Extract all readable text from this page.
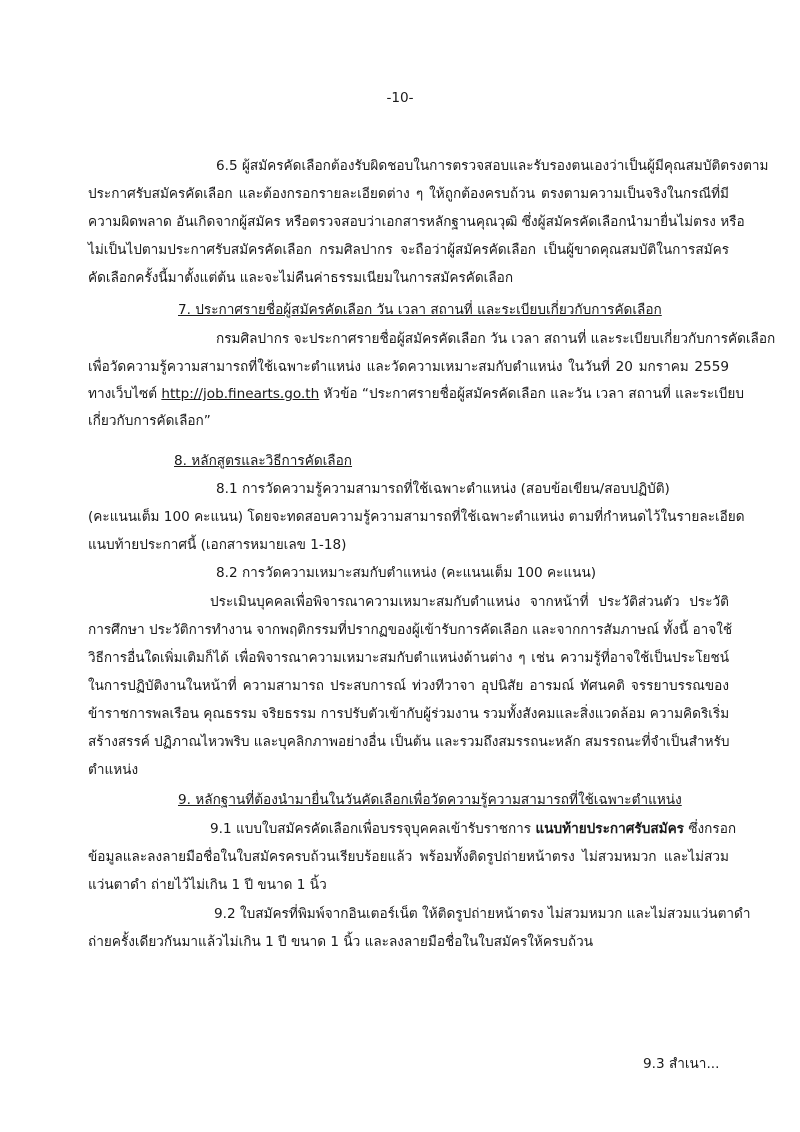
-10-
6.5 ผู้สมัครคัดเลือกต้องรับผิดชอบในการตรวจสอบและรับรองตนเองว่าเป็นผู้มีคุณสมบัติตรงตาม
ประกาศรับสมัครคัดเลือก และต้องกรอกรายละเอียดต่าง ๆ ให้ถูกต้องครบถ้วน ตรงตามความเป็นจริงในกรณีที่มี
ความผิดพลาด อันเกิดจากผู้สมัคร หรือตรวจสอบว่าเอกสารหลักฐานคุณวุฒิ ซึ่งผู้สมัครคัดเลือกนำมายื่นไม่ตรง หรือ
ไม่เป็นไปตามประกาศรับสมัครคัดเลือก กรมศิลปากร จะถือว่าผู้สมัครคัดเลือก เป็นผู้ขาดคุณสมบัติในการสมัคร
คัดเลือกครั้งนี้มาตั้งแต่ต้น และจะไม่คืนค่าธรรมเนียมในการสมัครคัดเลือก
7. ประกาศรายชื่อผู้สมัครคัดเลือก วัน เวลา สถานที่ และระเบียบเกี่ยวกับการคัดเลือก
กรมศิลปากร จะประกาศรายชื่อผู้สมัครคัดเลือก วัน เวลา สถานที่ และระเบียบเกี่ยวกับการคัดเลือก
เพื่อวัดความรู้ความสามารถที่ใช้เฉพาะตำแหน่ง และวัดความเหมาะสมกับตำแหน่ง ในวันที่ 20 มกราคม 2559
ทางเว็บไซต์ http://job.finearts.go.th หัวข้อ “ประกาศรายชื่อผู้สมัครคัดเลือก และวัน เวลา สถานที่ และระเบียบ
เกี่ยวกับการคัดเลือก”
8. หลักสูตรและวิธีการคัดเลือก
8.1 การวัดความรู้ความสามารถที่ใช้เฉพาะตำแหน่ง (สอบข้อเขียน/สอบปฏิบัติ)
(คะแนนเต็ม 100 คะแนน) โดยจะทดสอบความรู้ความสามารถที่ใช้เฉพาะตำแหน่ง ตามที่กำหนดไว้ในรายละเอียด
แนบท้ายประกาศนี้ (เอกสารหมายเลข 1-18)
8.2 การวัดความเหมาะสมกับตำแหน่ง (คะแนนเต็ม 100 คะแนน)
ประเมินบุคคลเพื่อพิจารณาความเหมาะสมกับตำแหน่ง จากหน้าที่ ประวัติส่วนตัว ประวัติ
การศึกษา ประวัติการทำงาน จากพฤติกรรมที่ปรากฏของผู้เข้ารับการคัดเลือก และจากการสัมภาษณ์ ทั้งนี้ อาจใช้
วิธีการอื่นใดเพิ่มเติมก็ได้ เพื่อพิจารณาความเหมาะสมกับตำแหน่งด้านต่าง ๆ เช่น ความรู้ที่อาจใช้เป็นประโยชน์
ในการปฏิบัติงานในหน้าที่ ความสามารถ ประสบการณ์ ท่วงทีวาจา อุปนิสัย อารมณ์ ทัศนคติ จรรยาบรรณของ
ข้าราชการพลเรือน คุณธรรม จริยธรรม การปรับตัวเข้ากับผู้ร่วมงาน รวมทั้งสังคมและสิ่งแวดล้อม ความคิดริเริ่ม
สร้างสรรค์ ปฏิภาณไหวพริบ และบุคลิกภาพอย่างอื่น เป็นต้น และรวมถึงสมรรถนะหลัก สมรรถนะที่จำเป็นสำหรับ
ตำแหน่ง
9. หลักฐานที่ต้องนำมายื่นในวันคัดเลือกเพื่อวัดความรู้ความสามารถที่ใช้เฉพาะตำแหน่ง
9.1 แบบใบสมัครคัดเลือกเพื่อบรรจุบุคคลเข้ารับราชการ แนบท้ายประกาศรับสมัคร ซึ่งกรอก
ข้อมูลและลงลายมือชื่อในใบสมัครครบถ้วนเรียบร้อยแล้ว พร้อมทั้งติดรูปถ่ายหน้าตรง ไม่สวมหมวก และไม่สวม
แว่นตาดำ ถ่ายไว้ไม่เกิน 1 ปี ขนาด 1 นิ้ว
9.2 ใบสมัครที่พิมพ์จากอินเตอร์เน็ต ให้ติดรูปถ่ายหน้าตรง ไม่สวมหมวก และไม่สวมแว่นตาดำ
ถ่ายครั้งเดียวกันมาแล้วไม่เกิน 1 ปี ขนาด 1 นิ้ว และลงลายมือชื่อในใบสมัครให้ครบถ้วน
9.3 สำเนา...
